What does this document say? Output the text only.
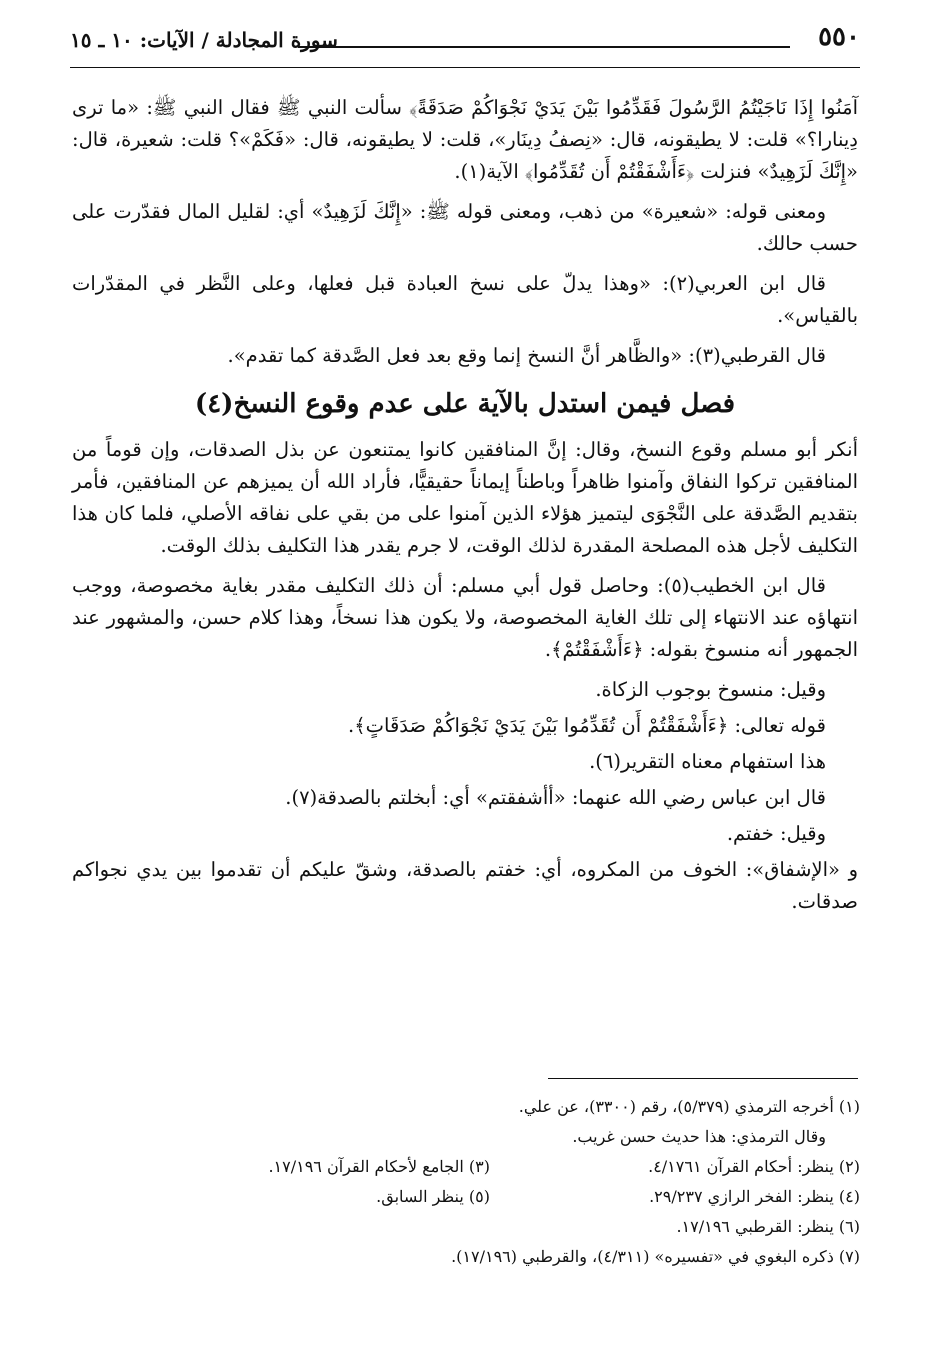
٥٥٠
سورة المجادلة / الآيات: ١٠ ـ ١٥

آمَنُوا إِذَا نَاجَيْتُمُ الرَّسُولَ فَقَدِّمُوا بَيْنَ يَدَيْ نَجْوَاكُمْ صَدَقَةً﴾ سألت النبي ﷺ فقال النبي ﷺ: «ما ترى دِينارا؟» قلت: لا يطيقونه، قال: «نِصفُ دِينَار»، قلت: لا يطيقونه، قال: «فَكَمْ»؟ قلت: شعيرة، قال: «إِنَّكَ لَزَهِيدٌ» فنزلت ﴿ءَأَشْفَقْتُمْ أَن تُقَدِّمُوا﴾ الآية(١).

ومعنى قوله: «شعيرة» من ذهب، ومعنى قوله ﷺ: «إِنَّكَ لَزَهِيدٌ» أي: لقليل المال فقدّرت على حسب حالك.

قال ابن العربي(٢): «وهذا يدلّ على نسخ العبادة قبل فعلها، وعلى النَّظر في المقدّرات بالقياس».

قال القرطبي(٣): «والظَّاهر أنَّ النسخ إنما وقع بعد فعل الصَّدقة كما تقدم».

فصل فيمن استدل بالآية على عدم وقوع النسخ(٤)

أنكر أبو مسلم وقوع النسخ، وقال: إنَّ المنافقين كانوا يمتنعون عن بذل الصدقات، وإن قوماً من المنافقين تركوا النفاق وآمنوا ظاهراً وباطناً إيماناً حقيقيًّا، فأراد الله أن يميزهم عن المنافقين، فأمر بتقديم الصَّدقة على النَّجْوَى ليتميز هؤلاء الذين آمنوا على من بقي على نفاقه الأصلي، فلما كان هذا التكليف لأجل هذه المصلحة المقدرة لذلك الوقت، لا جرم يقدر هذا التكليف بذلك الوقت.

قال ابن الخطيب(٥): وحاصل قول أبي مسلم: أن ذلك التكليف مقدر بغاية مخصوصة، ووجب انتهاؤه عند الانتهاء إلى تلك الغاية المخصوصة، ولا يكون هذا نسخاً، وهذا كلام حسن، والمشهور عند الجمهور أنه منسوخ بقوله: ﴿ءَأَشْفَقْتُمْ﴾.

وقيل: منسوخ بوجوب الزكاة.
قوله تعالى: ﴿ءَأَشْفَقْتُمْ أَن تُقَدِّمُوا بَيْنَ يَدَيْ نَجْوَاكُمْ صَدَقَاتٍ﴾.
هذا استفهام معناه التقرير(٦).
قال ابن عباس رضي الله عنهما: «أأشفقتم» أي: أبخلتم بالصدقة(٧).
وقيل: خفتم.

و «الإشفاق»: الخوف من المكروه، أي: خفتم بالصدقة، وشقّ عليكم أن تقدموا بين يدي نجواكم صدقات.

(١) أخرجه الترمذي (٥/٣٧٩)، رقم (٣٣٠٠)، عن علي.
وقال الترمذي: هذا حديث حسن غريب.
(٢) ينظر: أحكام القرآن ٤/١٧٦١.
(٣) الجامع لأحكام القرآن ١٧/١٩٦.
(٤) ينظر: الفخر الرازي ٢٩/٢٣٧.
(٥) ينظر السابق.
(٦) ينظر: القرطبي ١٧/١٩٦.
(٧) ذكره البغوي في «تفسيره» (٤/٣١١)، والقرطبي (١٧/١٩٦).
